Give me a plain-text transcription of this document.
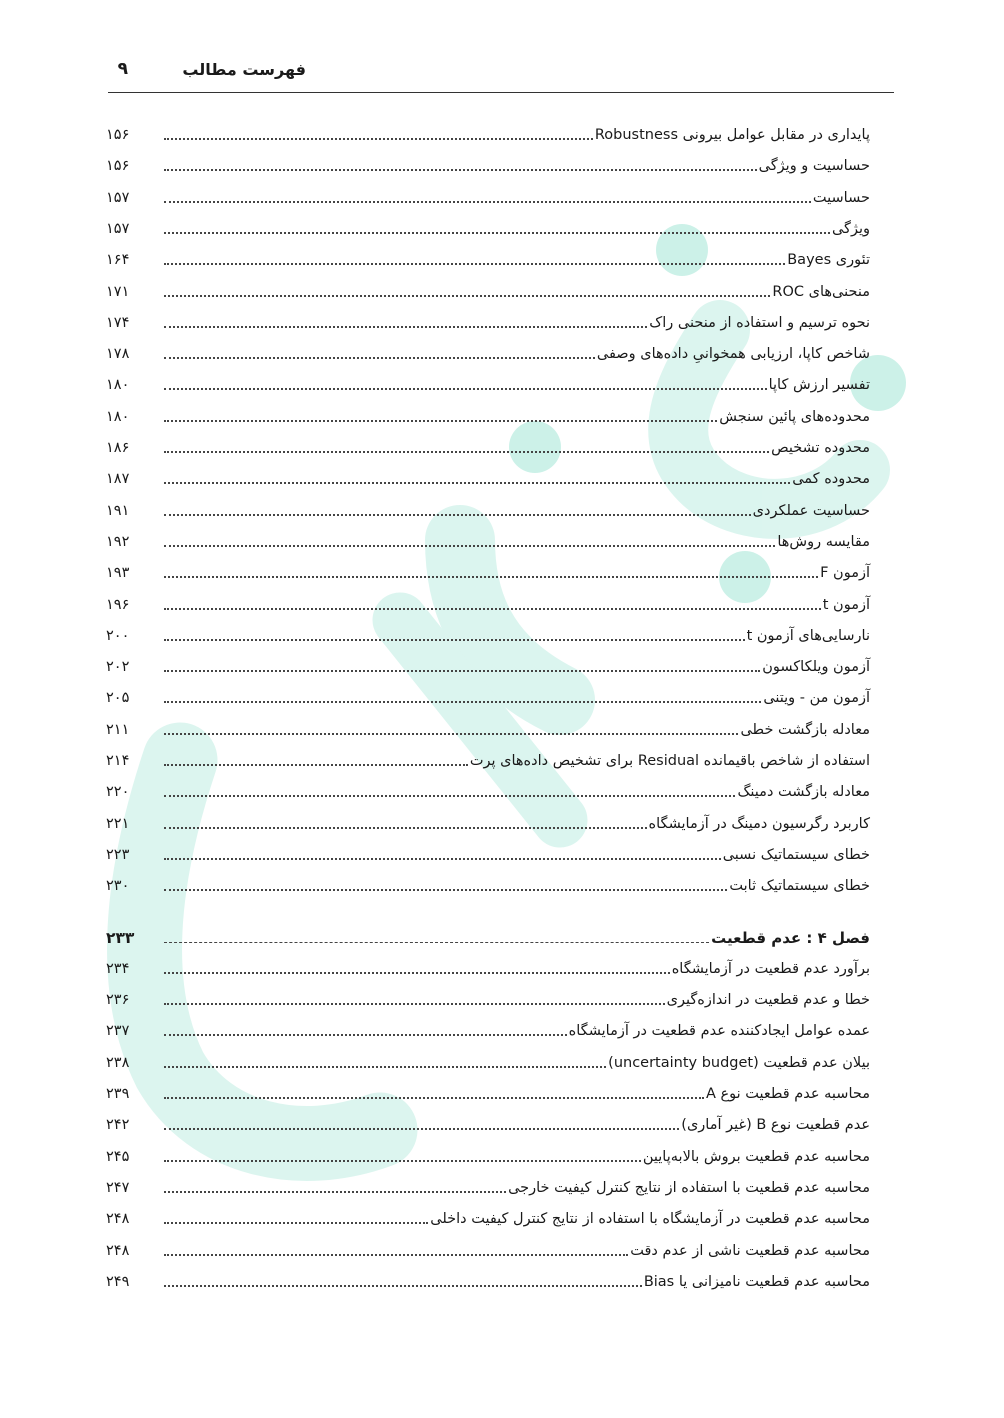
فهرست مطالب
۹
پایداری در مقابل عوامل بیرونی Robustness
۱۵۶
حساسیت و ویژگی
۱۵۶
حساسیت
۱۵۷
ویژگی
۱۵۷
تئوری Bayes
۱۶۴
منحنی‌های ROC
۱۷۱
نحوه ترسیم و استفاده از منحنی راک
۱۷۴
شاخص کاپا، ارزیابی همخوانیِ داده‌های وصفی
۱۷۸
تفسیر ارزش کاپا
۱۸۰
محدوده‌های پائین سنجش
۱۸۰
محدوده تشخیص
۱۸۶
محدوده کمی
۱۸۷
حساسیت عملکردی
۱۹۱
مقایسه روش‌ها
۱۹۲
آزمون F
۱۹۳
آزمون t
۱۹۶
نارسایی‌های آزمون t
۲۰۰
آزمون ویلکاکسون
۲۰۲
آزمون من - ویتنی
۲۰۵
معادله بازگشت خطی
۲۱۱
استفاده از شاخص باقیمانده Residual برای تشخیص داده‌های پرت
۲۱۴
معادله بازگشت دمینگ
۲۲۰
کاربرد رگرسیون دمینگ در آزمایشگاه
۲۲۱
خطای سیستماتیک نسبی
۲۲۳
خطای سیستماتیک ثابت
۲۳۰
فصل ۴ : عدم قطعیت
۲۳۳
برآورد عدم قطعیت در آزمایشگاه
۲۳۴
خطا و عدم قطعیت در اندازه‌گیری
۲۳۶
عمده عوامل ایجادکننده عدم قطعیت در آزمایشگاه
۲۳۷
بیلان عدم قطعیت (uncertainty budget)
۲۳۸
محاسبه عدم قطعیت نوع A
۲۳۹
عدم قطعیت نوع B (غیر آماری)
۲۴۲
محاسبه عدم قطعیت بروش بالابه‌پایین
۲۴۵
محاسبه عدم قطعیت با استفاده از نتایج کنترل کیفیت خارجی
۲۴۷
محاسبه عدم قطعیت در آزمایشگاه با استفاده از نتایج کنترل کیفیت داخلی
۲۴۸
محاسبه عدم قطعیت ناشی از عدم دقت
۲۴۸
محاسبه عدم قطعیت نامیزانی یا Bias
۲۴۹
